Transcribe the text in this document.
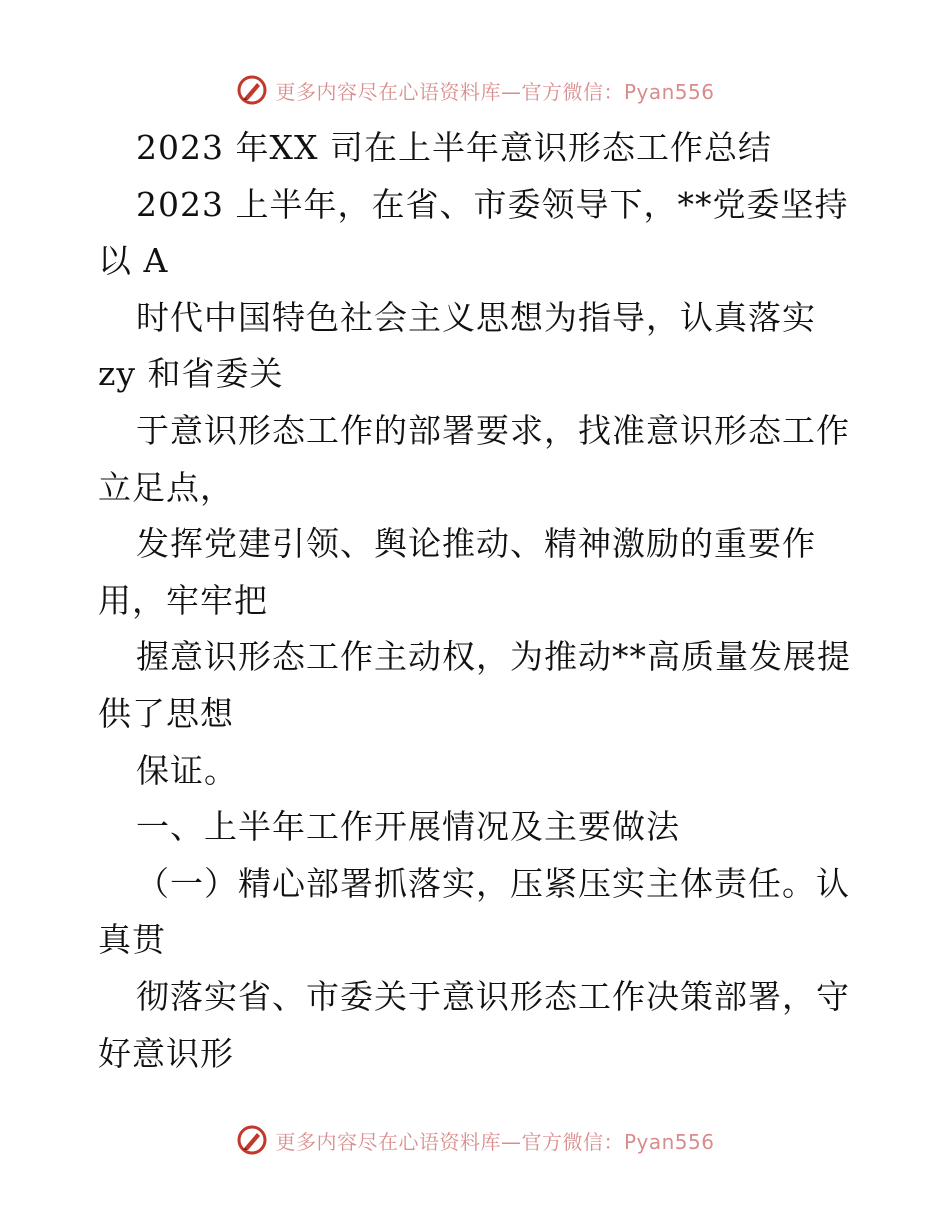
更多内容尽在心语资料库—官方微信：Pyan556
2023 年XX 司在上半年意识形态工作总结
2023 上半年，在省、市委领导下，**党委坚持
以 A
时代中国特色社会主义思想为指导，认真落实
zy 和省委关
于意识形态工作的部署要求，找准意识形态工作
立足点，
发挥党建引领、舆论推动、精神激励的重要作
用，牢牢把
握意识形态工作主动权，为推动**高质量发展提
供了思想
保证。
一、上半年工作开展情况及主要做法
（一）精心部署抓落实，压紧压实主体责任。认
真贯
彻落实省、市委关于意识形态工作决策部署，守
好意识形
更多内容尽在心语资料库—官方微信：Pyan556
